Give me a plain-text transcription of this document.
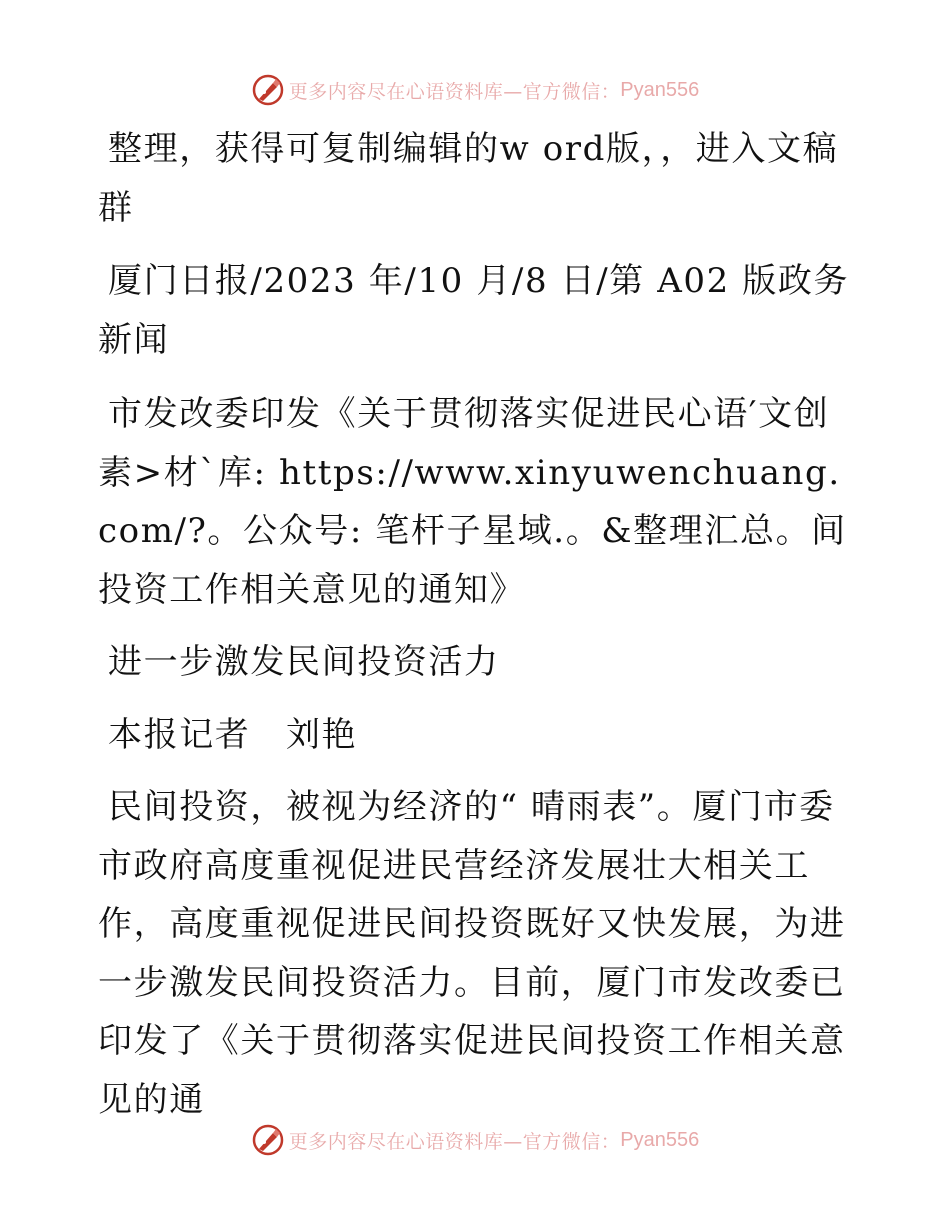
更多内容尽在心语资料库—官方微信： Pyan556

整理，获得可复制编辑的w ord版，，进入文稿群

厦门日报/2023 年/10 月/8 日/第 A02 版政务新闻

市发改委印发《关于贯彻落实促进民心语′文创素>材`库: https://www.xinyuwenchuang.com/?。公众号: 笔杆子星域.。&整理汇总。间投资工作相关意见的通知》

进一步激发民间投资活力

本报记者　刘艳

民间投资，被视为经济的“ 晴雨表”。厦门市委市政府高度重视促进民营经济发展壮大相关工作，高度重视促进民间投资既好又快发展，为进一步激发民间投资活力。目前，厦门市发改委已印发了《关于贯彻落实促进民间投资工作相关意见的通

更多内容尽在心语资料库—官方微信： Pyan556
